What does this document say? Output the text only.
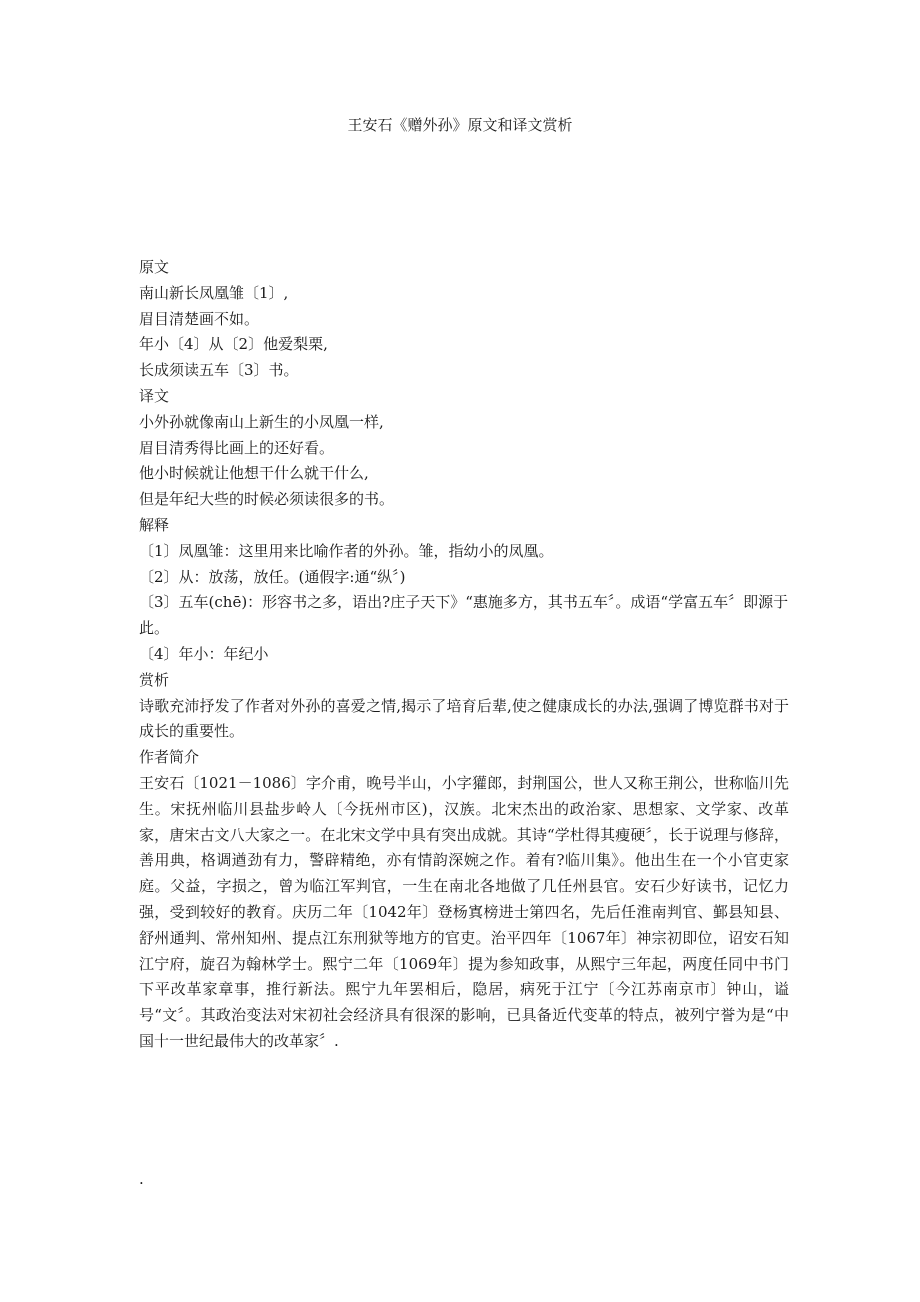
王安石《赠外孙》原文和译文赏析

原文

南山新长凤凰雏〔1〕,

眉目清楚画不如。

年小〔4〕从〔2〕他爱梨栗,

长成须读五车〔3〕书。

译文

小外孙就像南山上新生的小凤凰一样,

眉目清秀得比画上的还好看。

他小时候就让他想干什么就干什么,

但是年纪大些的时候必须读很多的书。

解释

〔1〕凤凰雏：这里用来比喻作者的外孙。雏，指幼小的凤凰。

〔2〕从：放荡，放任。(通假字:通“纵〞)

〔3〕五车(chē)：形容书之多，语出?庄子天下》“惠施多方，其书五车〞。成语“学富五车〞即源于

此。

〔4〕年小：年纪小

赏析

诗歌充沛抒发了作者对外孙的喜爱之情,揭示了培育后辈,使之健康成长的办法,强调了博览群书对于成长的重要性。

作者简介

王安石〔1021－1086〕字介甫，晚号半山，小字獾郎，封荆国公，世人又称王荆公，世称临川先生。宋抚州临川县盐步岭人〔今抚州市区)，汉族。北宋杰出的政治家、思想家、文学家、改革家，唐宋古文八大家之一。在北宋文学中具有突出成就。其诗“学杜得其瘦硬〞，长于说理与修辞，善用典，格调遒劲有力，警辟精绝，亦有情韵深婉之作。着有?临川集》。他出生在一个小官吏家庭。父益，字损之，曾为临江军判官，一生在南北各地做了几任州县官。安石少好读书，记忆力强，受到较好的教育。庆历二年〔1042年〕登杨寘榜进士第四名，先后任淮南判官、鄞县知县、舒州通判、常州知州、提点江东刑狱等地方的官吏。治平四年〔1067年〕神宗初即位，诏安石知江宁府，旋召为翰林学士。熙宁二年〔1069年〕提为参知政事，从熙宁三年起，两度任同中书门下平改革家章事，推行新法。熙宁九年罢相后，隐居，病死于江宁〔今江苏南京市〕钟山，谥号“文〞。其政治变法对宋初社会经济具有很深的影响，已具备近代变革的特点，被列宁誉为是“中国十一世纪最伟大的改革家〞.

.
